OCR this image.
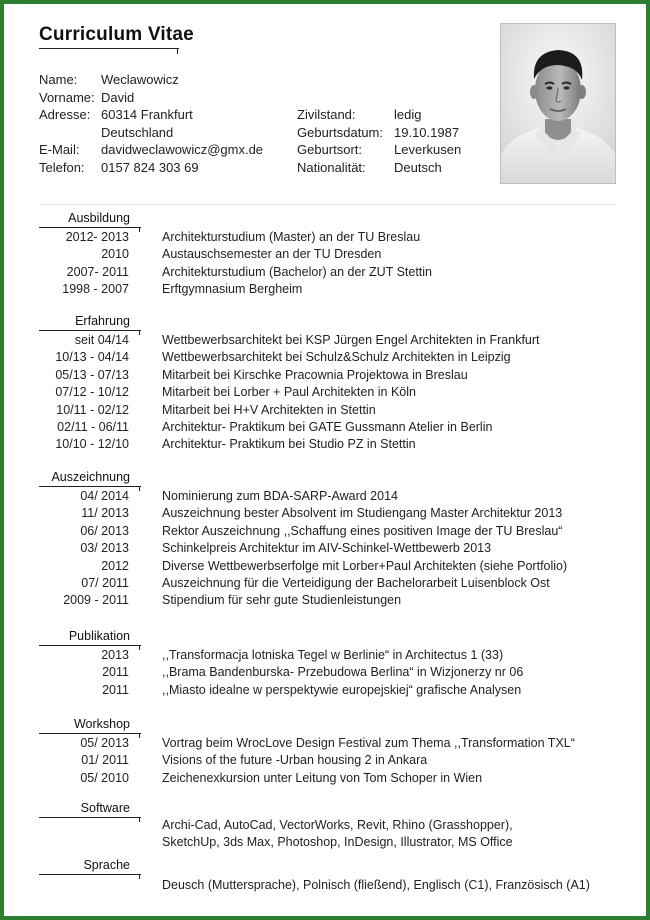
Curriculum Vitae
Name: Weclawowicz
Vorname: David
Adresse: 60314 Frankfurt
Deutschland
E-Mail: davidweclawowicz@gmx.de
Telefon: 0157 824 303 69
Zivilstand:	ledig
Geburtsdatum: 19.10.1987
Geburtsort: Leverkusen
Nationalität: Deutsch
Ausbildung
2012- 2013	Architekturstudium (Master) an der TU Breslau
2010	Austauschsemester an der TU Dresden
2007- 2011	Architekturstudium (Bachelor) an der ZUT Stettin
1998 - 2007	Erftgymnasium Bergheim
Erfahrung
seit 04/14	Wettbewerbsarchitekt bei KSP Jürgen Engel Architekten in Frankfurt
10/13 - 04/14	Wettbewerbsarchitekt bei Schulz&Schulz Architekten in Leipzig
05/13 - 07/13	Mitarbeit bei Kirschke Pracownia Projektowa in Breslau
07/12 - 10/12	Mitarbeit bei Lorber + Paul Architekten in Köln
10/11 - 02/12	Mitarbeit bei H+V Architekten in Stettin
02/11 - 06/11	Architektur- Praktikum bei GATE Gussmann Atelier in Berlin
10/10 - 12/10	Architektur- Praktikum bei Studio PZ in Stettin
Auszeichnung
04/ 2014	Nominierung zum BDA-SARP-Award 2014
11/ 2013	Auszeichnung bester Absolvent im Studiengang Master Architektur 2013
06/ 2013	Rektor Auszeichnung ,,Schaffung eines positiven Image der TU Breslau“
03/ 2013	Schinkelpreis Architektur im AIV-Schinkel-Wettbewerb 2013
2012	Diverse Wettbewerbserfolge mit Lorber+Paul Architekten (siehe Portfolio)
07/ 2011	Auszeichnung für die Verteidigung der Bachelorarbeit Luisenblock Ost
2009 - 2011	Stipendium für sehr gute Studienleistungen
Publikation
2013	,,Transformacja lotniska Tegel w Berlinie“ in Architectus 1 (33)
2011	,,Brama Bandenburska- Przebudowa Berlina“ in Wizjonerzy nr 06
2011	,,Miasto idealne w perspektywie europejskiej“ grafische Analysen
Workshop
05/ 2013	Vortrag beim WrocLove Design Festival zum Thema ,,Transformation TXL“
01/ 2011	Visions of the future -Urban housing 2 in Ankara
05/ 2010	Zeichenexkursion unter Leitung von Tom Schoper in Wien
Software
Archi-Cad, AutoCad, VectorWorks, Revit, Rhino (Grasshopper),
SketchUp, 3ds Max, Photoshop, InDesign, Illustrator, MS Office
Sprache
Deusch (Muttersprache), Polnisch (fließend), Englisch (C1), Französisch (A1)
